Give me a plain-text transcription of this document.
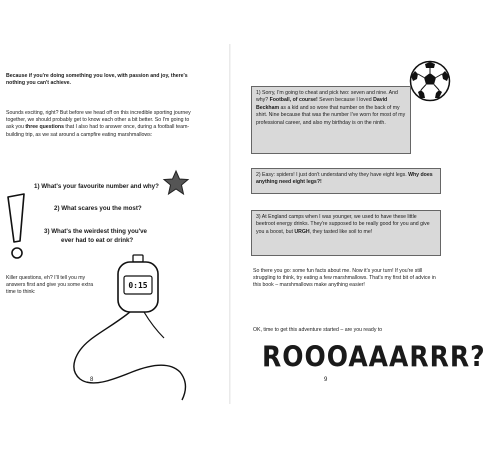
Because if you're doing something you love, with passion and joy, there's nothing you can't achieve.

Sounds exciting, right? But before we head off on this incredible sporting journey together, we should probably get to know each other a bit better. So I'm going to ask you three questions that I also had to answer once, during a football team-building trip, as we sat around a campfire eating marshmallows:

1) What's your favourite number and why?

2) What scares you the most?

3) What's the weirdest thing you've

ever had to eat or drink?

Killer questions, eh? I'll tell you my answers first and give you some extra time to think:

0:15
8

1) Sorry, I'm going to cheat and pick two: seven and nine. And why? Football, of course! Seven because I loved David Beckham as a kid and so wore that number on the back of my shirt. Nine because that was the number I've worn for most of my professional career, and also my birthday is on the ninth.

2) Easy: spiders! I just don't understand why they have eight legs. Why does anything need eight legs?!

3) At England camps when I was younger, we used to have these little beetroot energy drinks. They're supposed to be really good for you and give you a boost, but URGH, they tasted like soil to me!

So there you go: some fun facts about me. Now it's your turn! If you're still struggling to think, try eating a few marshmallows. That's my first bit of advice in this book – marshmallows make anything easier!

OK, time to get this adventure started – are you ready to

ROOOAAARRR?
9
